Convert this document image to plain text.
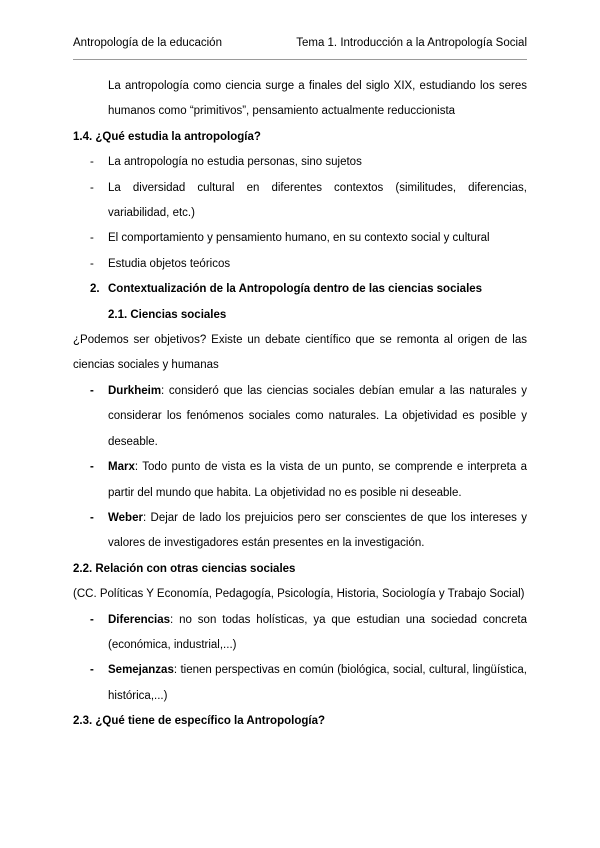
Antropología de la educación	Tema 1. Introducción a la Antropología Social
La antropología como ciencia surge a finales del siglo XIX, estudiando los seres humanos como “primitivos”, pensamiento actualmente reduccionista
1.4. ¿Qué estudia la antropología?
-	La antropología no estudia personas, sino sujetos
-	La diversidad cultural en diferentes contextos (similitudes, diferencias, variabilidad, etc.)
-	El comportamiento y pensamiento humano, en su contexto social y cultural
-	Estudia objetos teóricos
2. Contextualización de la Antropología dentro de las ciencias sociales
2.1. Ciencias sociales
¿Podemos ser objetivos? Existe un debate científico que se remonta al origen de las ciencias sociales y humanas
-	Durkheim: consideró que las ciencias sociales debían emular a las naturales y considerar los fenómenos sociales como naturales. La objetividad es posible y deseable.
-	Marx: Todo punto de vista es la vista de un punto, se comprende e interpreta a partir del mundo que habita. La objetividad no es posible ni deseable.
-	Weber: Dejar de lado los prejuicios pero ser conscientes de que los intereses y valores de investigadores están presentes en la investigación.
2.2. Relación con otras ciencias sociales
(CC. Políticas Y Economía, Pedagogía, Psicología, Historia, Sociología y Trabajo Social)
-	Diferencias: no son todas holísticas, ya que estudian una sociedad concreta (económica, industrial,...)
-	Semejanzas: tienen perspectivas en común (biológica, social, cultural, lingüística, histórica,...)
2.3. ¿Qué tiene de específico la Antropología?
